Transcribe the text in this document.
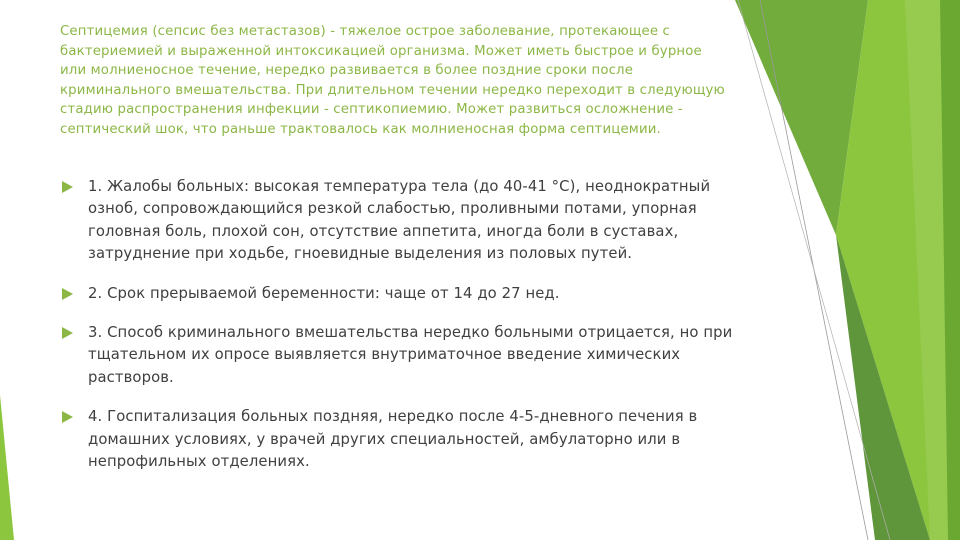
Септицемия (сепсис без метастазов) - тяжелое острое заболевание, протекающее с бактериемией и выраженной интоксикацией организма. Может иметь быстрое и бурное или молниеносное течение, нередко развивается в более поздние сроки после криминального вмешательства. При длительном течении нередко переходит в следующую стадию распространения инфекции - септикопиемию. Может развиться осложнение - септический шок, что раньше трактовалось как молниеносная форма септицемии.

1. Жалобы больных: высокая температура тела (до 40-41 °С), неоднократный озноб, сопровождающийся резкой слабостью, проливными потами, упорная головная боль, плохой сон, отсутствие аппетита, иногда боли в суставах, затруднение при ходьбе, гноевидные выделения из половых путей.
2. Срок прерываемой беременности: чаще от 14 до 27 нед.
3. Способ криминального вмешательства нередко больными отрицается, но при тщательном их опросе выявляется внутриматочное введение химических растворов.
4. Госпитализация больных поздняя, нередко после 4-5-дневного печения в домашних условиях, у врачей других специальностей, амбулаторно или в непрофильных отделениях.
